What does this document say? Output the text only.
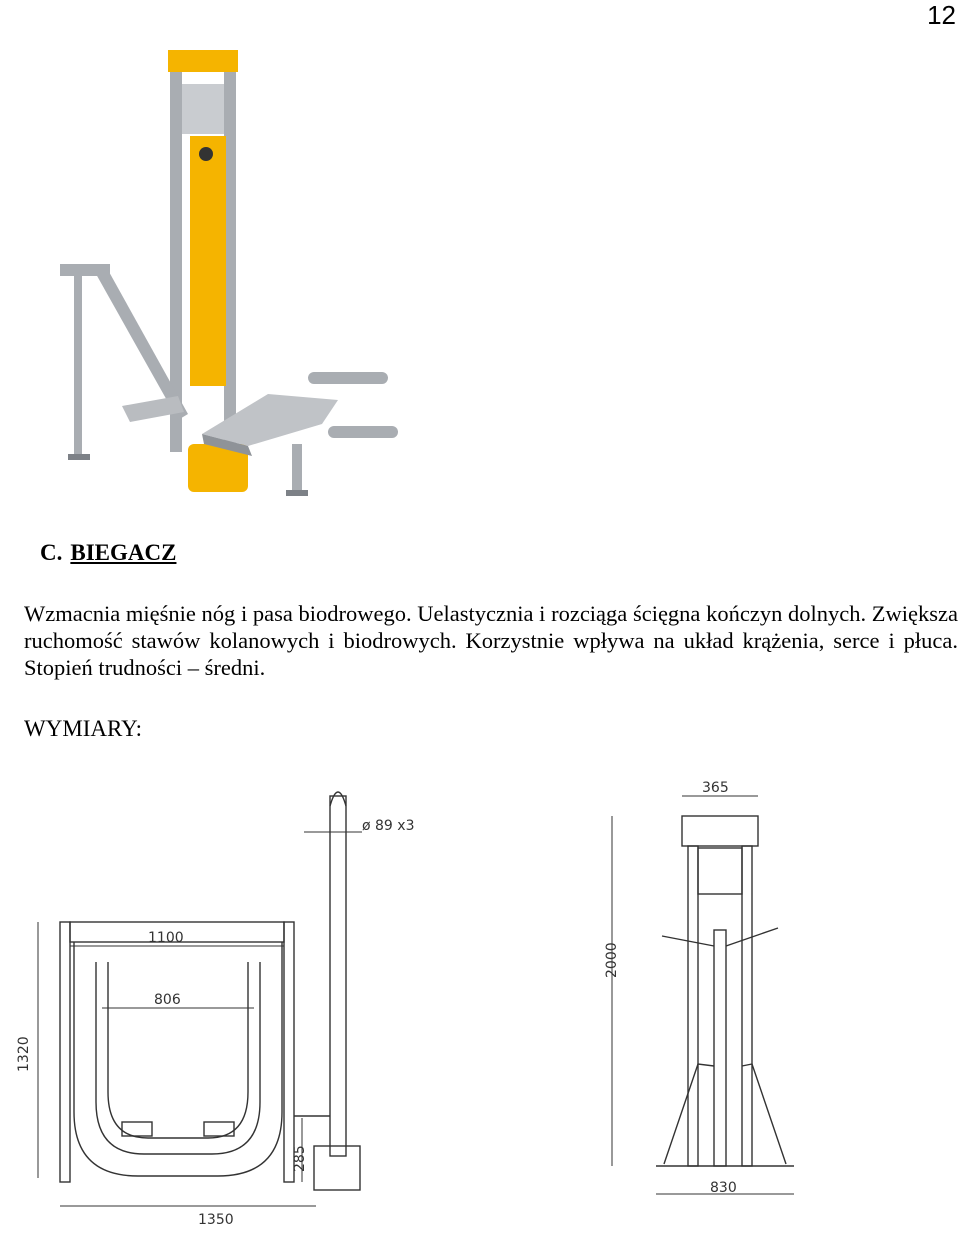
12
C. BIEGACZ
Wzmacnia mięśnie nóg i pasa biodrowego. Uelastycznia i rozciąga ścięgna kończyn dolnych. Zwiększa ruchomość stawów kolanowych i biodrowych. Korzystnie wpływa na układ krążenia, serce i płuca. Stopień trudności – średni.
WYMIARY:
1100
806
1320
1350
285
ø 89 x3
365
2000
830
